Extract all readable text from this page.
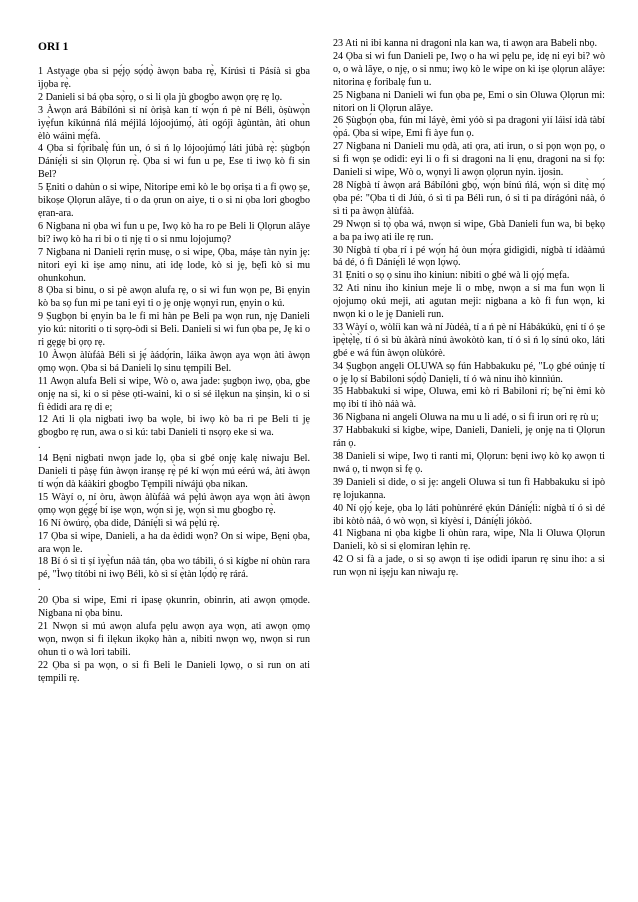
ORI 1

1 Astyage ọba si pẹ́jọ sọ́dọ̀ àwọn baba rẹ̀, Kírúsì ti Pásíà sì gba ìjọba rẹ̀.

2 Danieli si bá ọba sọ̀rọ, o si li ọla jù gbogbo awọn ọrẹ rẹ lọ.

3 Àwọn ará Bábílónì sì ní òrìṣà kan tí wọ́n ń pè ní Bélì, òṣùwọ̀n ìyẹ̀fun kíkúnná ńlá méjìlá lójoojúmọ́, àti ogójì àgùntàn, àti ohun èlò wáìnì mẹ́fà.

4 Ọba si fọ̀ribalẹ̀ fún un, ó sì ń lọ lójoojúmọ́ láti júbà rẹ̀: ṣùgbọ́n Dáníẹ́lì si sin Ọlọrun rẹ̀. Ọba si wi fun u pe, Ese ti iwọ kò fi sin Bel?

5 Ẹniti o dahùn o si wipe, Nitoripe emi kò le bọ oriṣa ti a fi ọwọ ṣe, bikoṣe Ọlọrun alãye, ti o da ọrun on aiye, ti o si ni ọba lori gbogbo ẹran-ara.

6 Nigbana ni ọba wi fun u pe, Iwọ kò ha ro pe Beli li Ọlọrun alãye bi? iwọ kò ha ri bi o ti njẹ ti o si nmu lojojumọ?

7 Nigbana ni Danieli rẹrin musẹ, o si wipe, Ọba, máṣe tàn nyin jẹ: nitori eyi kì iṣe amọ ninu, ati idẹ lode, kò si jẹ, bẹ̃li kò si mu ohunkohun.

8 Ọba si binu, o si pè awọn alufa rẹ, o si wi fun wọn pe, Bi ẹnyin kò ba sọ fun mi pe tani eyi ti o jẹ onjẹ wọnyi run, ẹnyin o kú.

9 Ṣugbọn bi ẹnyin ba le fi mi hàn pe Beli pa wọn run, njẹ Danieli yio kú: nitoriti o ti sọrọ-òdì si Beli. Danieli si wi fun ọba pe, Jẹ ki o ri gẹgẹ bi ọrọ rẹ.

10 Àwọn àlùfáà Bélì sì jẹ́ àádọ́rin, láìka àwọn aya wọn àti àwọn ọmọ wọn. Ọba si bá Danieli lọ sinu tẹmpili Bel.

11 Awọn alufa Beli si wipe, Wò o, awa jade: ṣugbọn iwọ, ọba, gbe onjẹ na si, ki o si pèse ọti-waini, ki o si sé ilẹkun na ṣinṣin, ki o si fi èdidi ara rẹ di e;

12 Ati li ọla nigbati iwọ ba wọle, bi iwọ kò ba ri pe Beli ti jẹ gbogbo rẹ run, awa o si kú: tabi Danieli ti nsọrọ eke si wa.

.

14 Bẹni nigbati nwọn jade lọ, ọba si gbé onjẹ kalẹ niwaju Bel. Danieli ti pàṣẹ fún àwọn iranṣẹ rẹ̀ pé kí wọ́n mú eérú wá, àti àwọn tí wọ́n dà káàkiri gbogbo Tẹmpili níwájú ọba nikan.

15 Wàyí o, ní òru, àwọn àlùfáà wá pẹ̀lú àwọn aya wọn àti àwọn ọmọ wọn gẹ́gẹ́ bí iṣe wọn, wọ́n sì jẹ, wọ́n sì mu gbogbo rẹ̀.

16 Ní òwúrọ̀, ọba dide, Dáníẹ́lì sì wá pẹ̀lú rẹ̀.

17 Ọba si wipe, Danieli, a ha da èdidi wọn? On si wipe, Bẹni ọba, ara wọn le.

18 Bí ó sì ti ṣí ìyẹ̀fun náà tán, ọba wo tábìlì, ó sì kígbe ní ohùn rara pé, "Ìwọ títóbi ni iwọ Bélì, kò sì sí ẹ̀tàn lọ́dọ̀ rẹ rárá.

.

20 Ọba si wipe, Emi ri ipasẹ ọkunrin, obinrin, ati awọn ọmọde. Nigbana ni ọba binu.

21 Nwọn si mú awọn alufa pẹlu awọn aya wọn, ati awọn ọmọ wọn, nwọn si fi ilẹkun ikọkọ hàn a, nibiti nwọn wọ, nwọn si run ohun ti o wà lori tabili.

22 Ọba si pa wọn, o si fi Beli le Danieli lọwọ, o si run on ati tẹmpili rẹ.

23 Ati ni ibi kanna ni dragoni nla kan wa, ti awọn ara Babeli nbọ.

24 Ọba si wi fun Danieli pe, Iwọ o ha wi pẹlu pe, idẹ ni eyi bi? wò o, o wà lãye, o njẹ, o si nmu; iwọ kò le wipe on kì iṣe ọlọrun alãye: nitorina ẹ foribalẹ fun u.

25 Nigbana ni Danieli wi fun ọba pe, Emi o sin Oluwa Ọlọrun mi: nitori on li Ọlọrun alãye.

26 Ṣùgbọ́n ọba, fún mi láyè, èmi yóò sì pa dragoni yìí láìsí idà tàbí ọ̀pá. Ọba si wipe, Emi fi àye fun ọ.

27 Nigbana ni Danieli mu ọdà, ati ọra, ati irun, o si pọn wọn pọ, o si fi wọn ṣe odidi: eyi li o fi si dragoni na li ẹnu, dragoni na si fọ: Danieli si wipe, Wò o, wọnyi li awọn ọlọrun nyin. ìjosin.

28 Nígbà tí àwọn ará Bábílónì gbọ́, wọ́n bínú ńlá, wọ́n sì dìtẹ̀ mọ́ ọba pé: "Ọba ti di Júù, ó sì ti pa Bélì run, ó sì ti pa dírágónì náà, ó sì ti pa àwọn àlùfáà.

29 Nwọn si tọ̀ ọba wá, nwọn si wipe, Gbà Danieli fun wa, bi bẹkọ a ba pa iwọ ati ile rẹ run.

30 Nígbà tí ọba rí i pé wọ́n há òun mọ́ra gidigidi, nígbà tí idààmú bá dé, ó fi Dáníẹ́lì lé wọn lọ́wọ́.

31 Ẹniti o sọ ọ sinu iho kiniun: nibiti o gbé wà li ọjọ́ mẹfa.

32 Ati ninu iho kiniun meje li o mbẹ, nwọn a si ma fun wọn li ojojumọ okú meji, ati agutan meji: nigbana a kò fi fun wọn, ki nwọn ki o le jẹ Danieli run.

33 Wàyí o, wòlíì kan wà ní Jùdéà, tí a ń pè ní Hábákúkù, ẹni tí ó ṣe ìpẹ̀tẹ̀lẹ̀, tí ó sì bù àkàrà nínú àwokòtò kan, tí ó sì ń lọ sínú oko, láti gbé e wá fún àwọn olùkórè.

34 Ṣugbọn angẹli OLUWA sọ fún Habbakuku pé, "Lọ gbé oúnjẹ tí o jẹ lọ sí Babiloni sọ́dọ̀ Daniẹli, tí ó wà ninu ihò kìnnìún.

35 Habbakuki si wipe, Oluwa, emi kò ri Babiloni rí; bẹ̃ ni èmi kò mọ ibi tí ìhò náà wà.

36 Nigbana ni angeli Oluwa na mu u li adé, o si fi irun ori rẹ rù u;

37 Habbakuki si kigbe, wipe, Danieli, Danieli, jẹ onjẹ na ti Ọlọrun rán ọ.

38 Danieli si wipe, Iwọ ti ranti mi, Ọlọrun: bẹni iwọ kò kọ awọn ti nwá ọ, ti nwọn si fẹ ọ.

39 Danieli si dide, o si jẹ: angeli Oluwa si tun fi Habbakuku si ipò rẹ lojukanna.

40 Ní ọjọ́ keje, ọba lọ láti pohùnréré ẹkún Dáníẹ́lì: nígbà tí ó sì dé ibi kòtò náà, ó wò wọn, sì kíyèsí i, Dáníẹ́lì jókòó.

41 Nigbana ni ọba kigbe li ohùn rara, wipe, Nla li Oluwa Ọlọrun Danieli, kò si si ẹlomiran lẹhin rẹ.

42 O si fà a jade, o si sọ awọn ti iṣe odidi iparun rẹ sinu iho: a si run wọn ni iṣẹju kan niwaju rẹ.
